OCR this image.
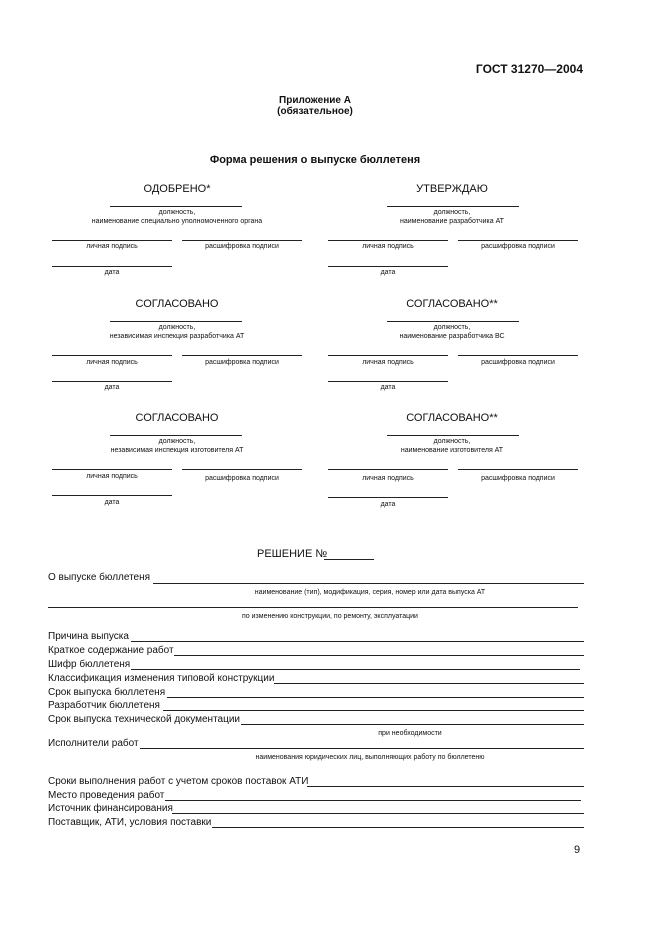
ГОСТ 31270—2004
Приложение А
(обязательное)
Форма решения о выпуске бюллетеня
ОДОБРЕНО*
должность,
наименование специально уполномоченного органа
личная подпись	расшифровка подписи
дата
УТВЕРЖДАЮ
должность,
наименование разработчика АТ
личная подпись	расшифровка подписи
дата
СОГЛАСОВАНО
должность,
независимая инспекция разработчика АТ
личная подпись	расшифровка подписи
дата
СОГЛАСОВАНО**
должность,
наименование разработчика ВС
личная подпись	расшифровка подписи
дата
СОГЛАСОВАНО
должность,
независимая инспекция изготовителя АТ
личная подпись	расшифровка подписи
дата
СОГЛАСОВАНО**
должность,
наименование изготовителя АТ
личная подпись	расшифровка подписи
дата
РЕШЕНИЕ №
О выпуске бюллетеня
наименование (тип), модификация, серия, номер или дата выпуска АТ
по изменению конструкции, по ремонту, эксплуатации
Причина выпуска
Краткое содержание работ
Шифр бюллетеня
Классификация изменения типовой конструкции
Срок выпуска бюллетеня
Разработчик бюллетеня
Срок выпуска технической документации
при необходимости
Исполнители работ
наименования юридических лиц, выполняющих работу по бюллетеню
Сроки выполнения работ с учетом сроков поставок АТИ
Место проведения работ
Источник финансирования
Поставщик, АТИ, условия поставки
9
